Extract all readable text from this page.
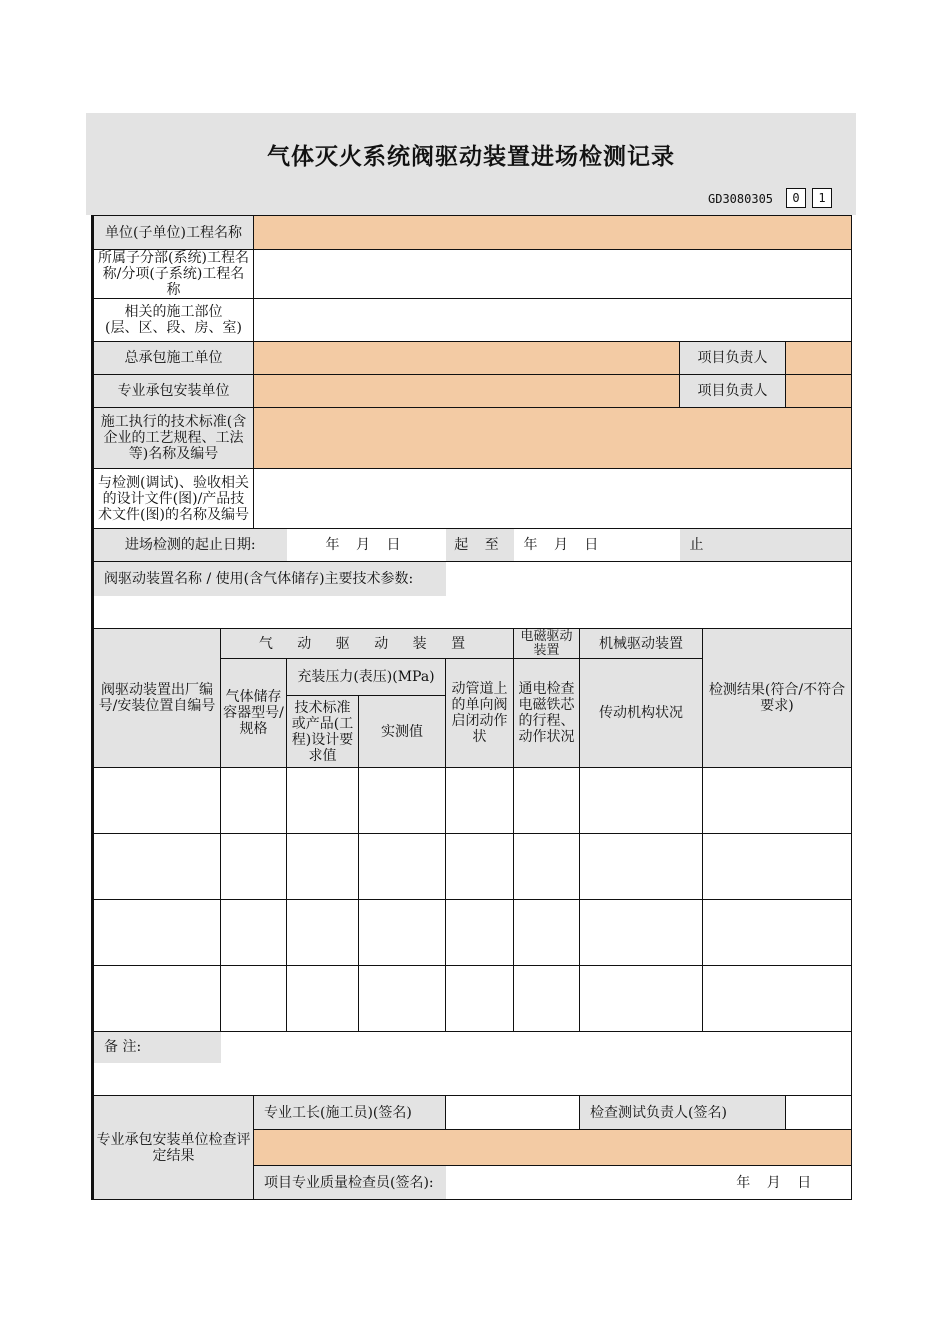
气体灭火系统阀驱动装置进场检测记录
GD3080305	0	1
单位(子单位)工程名称										
所属子分部(系统)工程名称/分项(子系统)工程名称										
相关的施工部位
(层、区、段、房、室)										
总承包施工单位								项目负责人		
专业承包安装单位								项目负责人		
施工执行的技术标准(含企业的工艺规程、工法等)名称及编号										
与检测(调试)、验收相关的设计文件(图)/产品技术文件(图)的名称及编号										
进场检测的起止日期:			年 月 日		起 至	年 月 日		止		
阀驱动装置名称 / 使用(含气体储存)主要技术参数:										

阀驱动装置出厂编号/安装位置自编号	气 动 驱 动 装 置					电磁驱动装置	机械驱动装置		检测结果(符合/不符合要求)	
	气体储存容器型号/规格		充装压力(表压)(MPa)		动管道上的单向阀启闭动作状	通电检查电磁铁芯的行程、动作状况	传动机构状况			
			技术标准或产品(工程)设计要求值	实测值						

备 注:										

专业承包安装单位检查评定结果		专业工长(施工员)(签名)					检查测试负责人(签名)			

		项目专业质量检查员(签名):							年 月 日	
